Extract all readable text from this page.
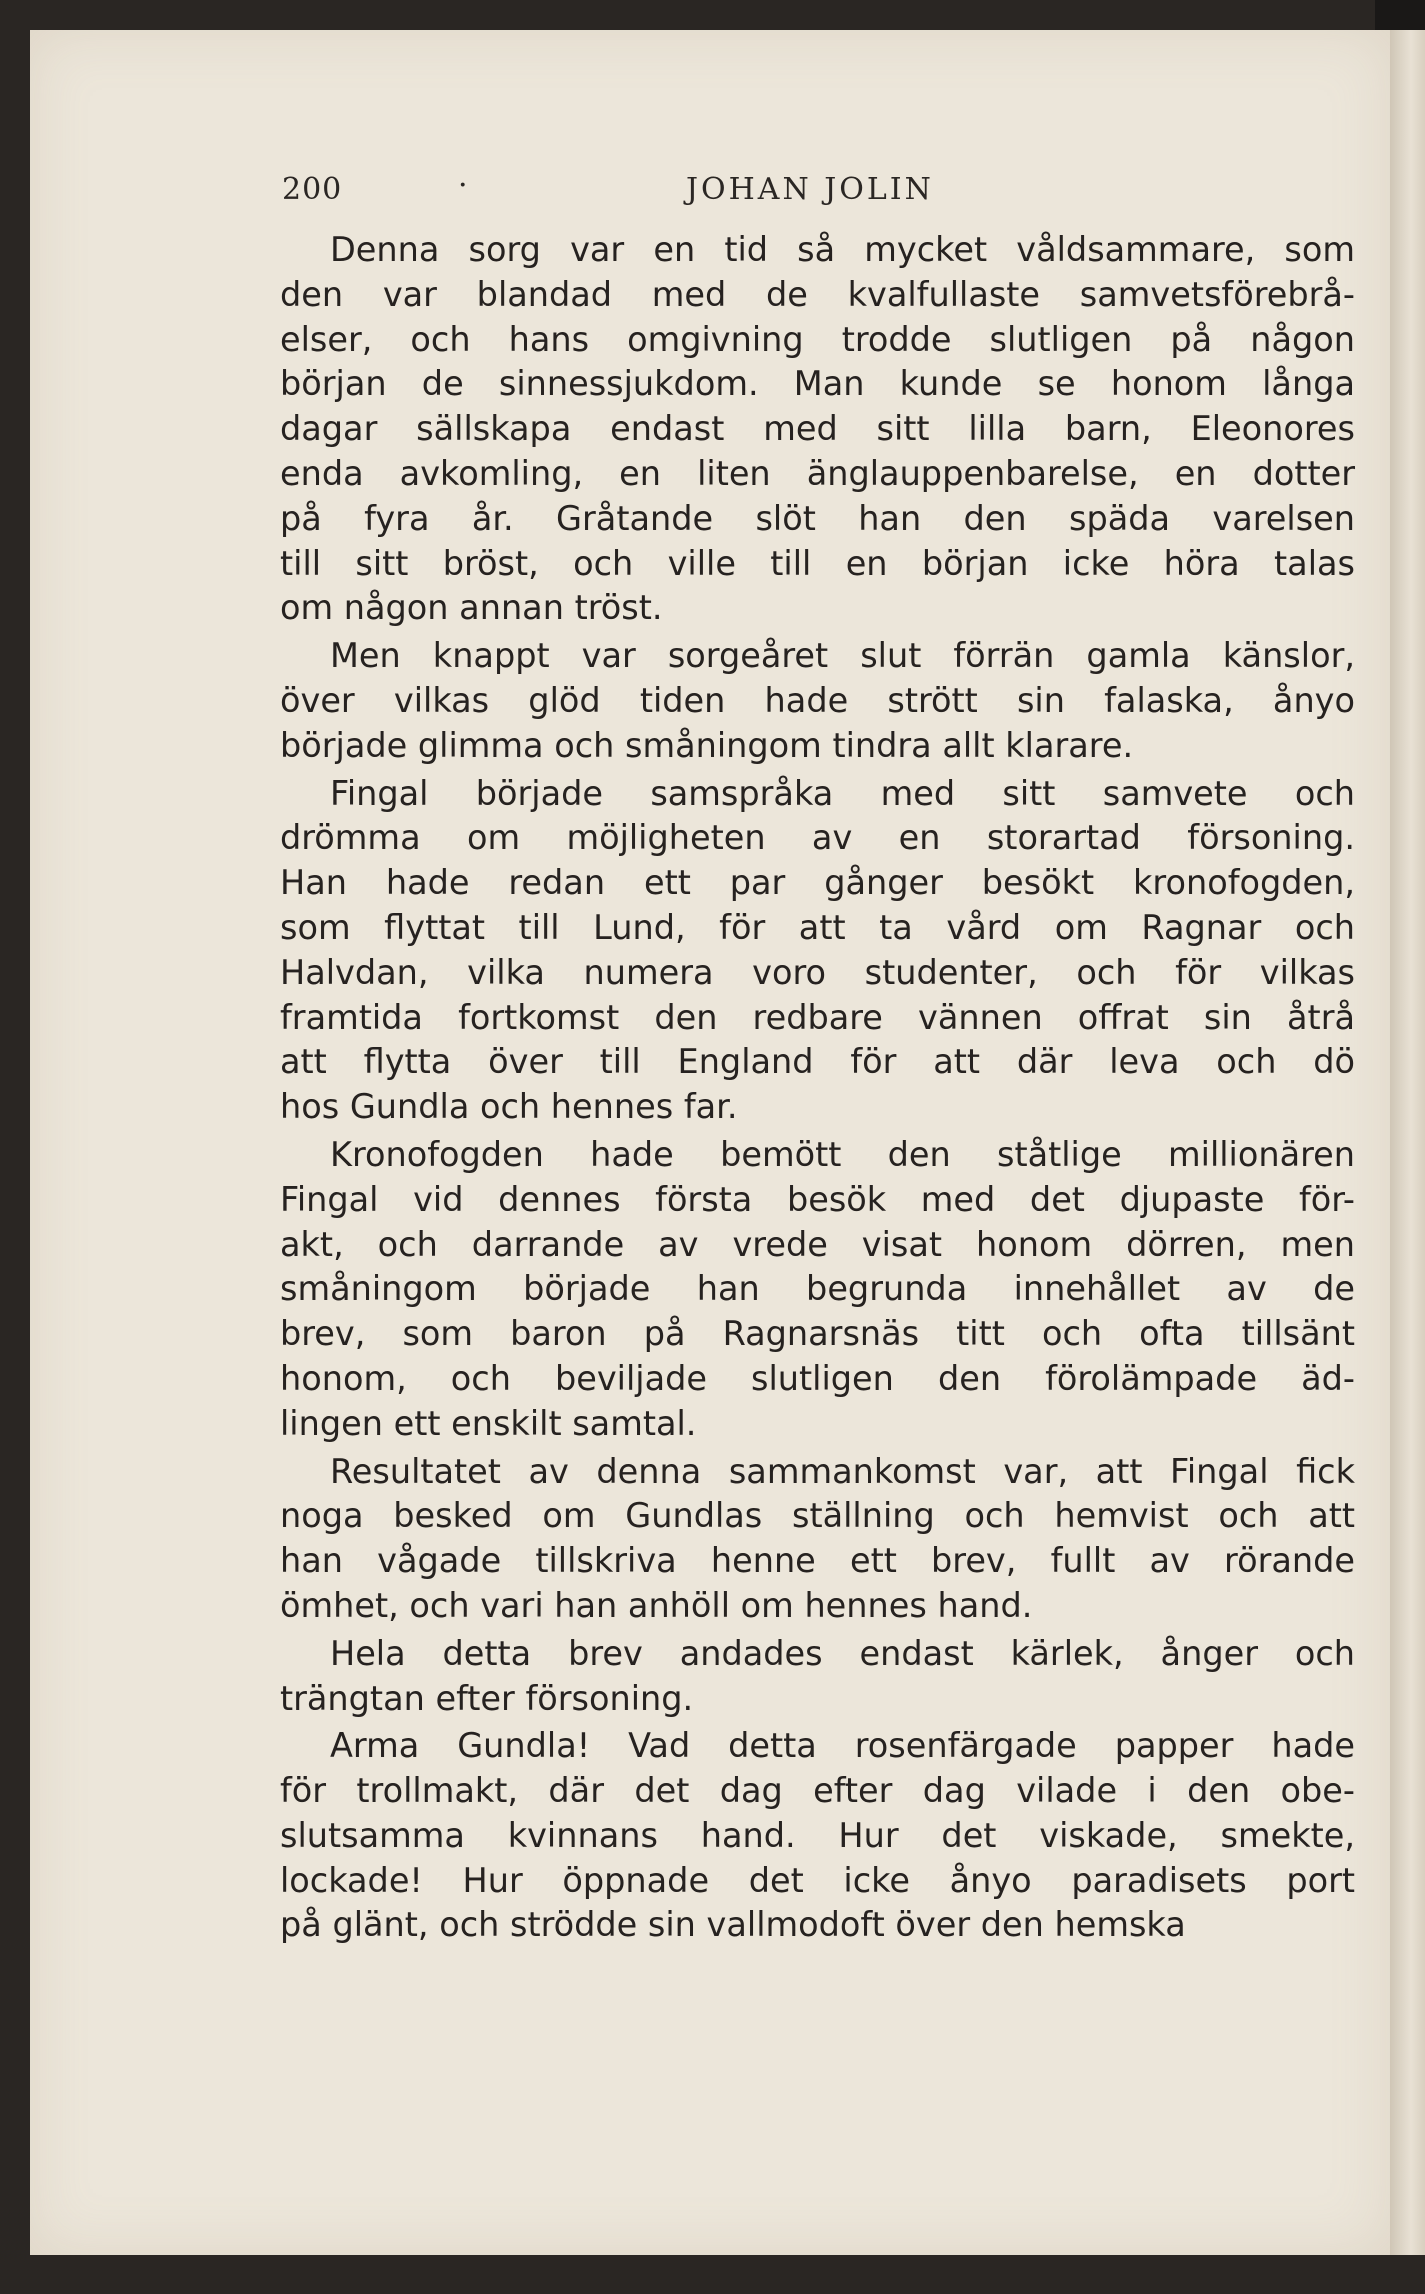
200	·	JOHAN JOLIN
Denna sorg var en tid så mycket våldsammare, som
den var blandad med de kvalfullaste samvetsförebrå-
elser, och hans omgivning trodde slutligen på någon
början de sinnessjukdom. Man kunde se honom långa
dagar sällskapa endast med sitt lilla barn, Eleonores
enda avkomling, en liten änglauppenbarelse, en dotter
på fyra år. Gråtande slöt han den späda varelsen
till sitt bröst, och ville till en början icke höra talas
om någon annan tröst.
Men knappt var sorgeåret slut förrän gamla känslor,
över vilkas glöd tiden hade strött sin falaska, ånyo
började glimma och småningom tindra allt klarare.
Fingal började samspråka med sitt samvete och
drömma om möjligheten av en storartad försoning.
Han hade redan ett par gånger besökt kronofogden,
som flyttat till Lund, för att ta vård om Ragnar och
Halvdan, vilka numera voro studenter, och för vilkas
framtida fortkomst den redbare vännen offrat sin åtrå
att flytta över till England för att där leva och dö
hos Gundla och hennes far.
Kronofogden hade bemött den ståtlige millionären
Fingal vid dennes första besök med det djupaste för-
akt, och darrande av vrede visat honom dörren, men
småningom började han begrunda innehållet av de
brev, som baron på Ragnarsnäs titt och ofta tillsänt
honom, och beviljade slutligen den förolämpade äd-
lingen ett enskilt samtal.
Resultatet av denna sammankomst var, att Fingal fick
noga besked om Gundlas ställning och hemvist och att
han vågade tillskriva henne ett brev, fullt av rörande
ömhet, och vari han anhöll om hennes hand.
Hela detta brev andades endast kärlek, ånger och
trängtan efter försoning.
Arma Gundla! Vad detta rosenfärgade papper hade
för trollmakt, där det dag efter dag vilade i den obe-
slutsamma kvinnans hand. Hur det viskade, smekte,
lockade! Hur öppnade det icke ånyo paradisets port
på glänt, och strödde sin vallmodoft över den hemska
